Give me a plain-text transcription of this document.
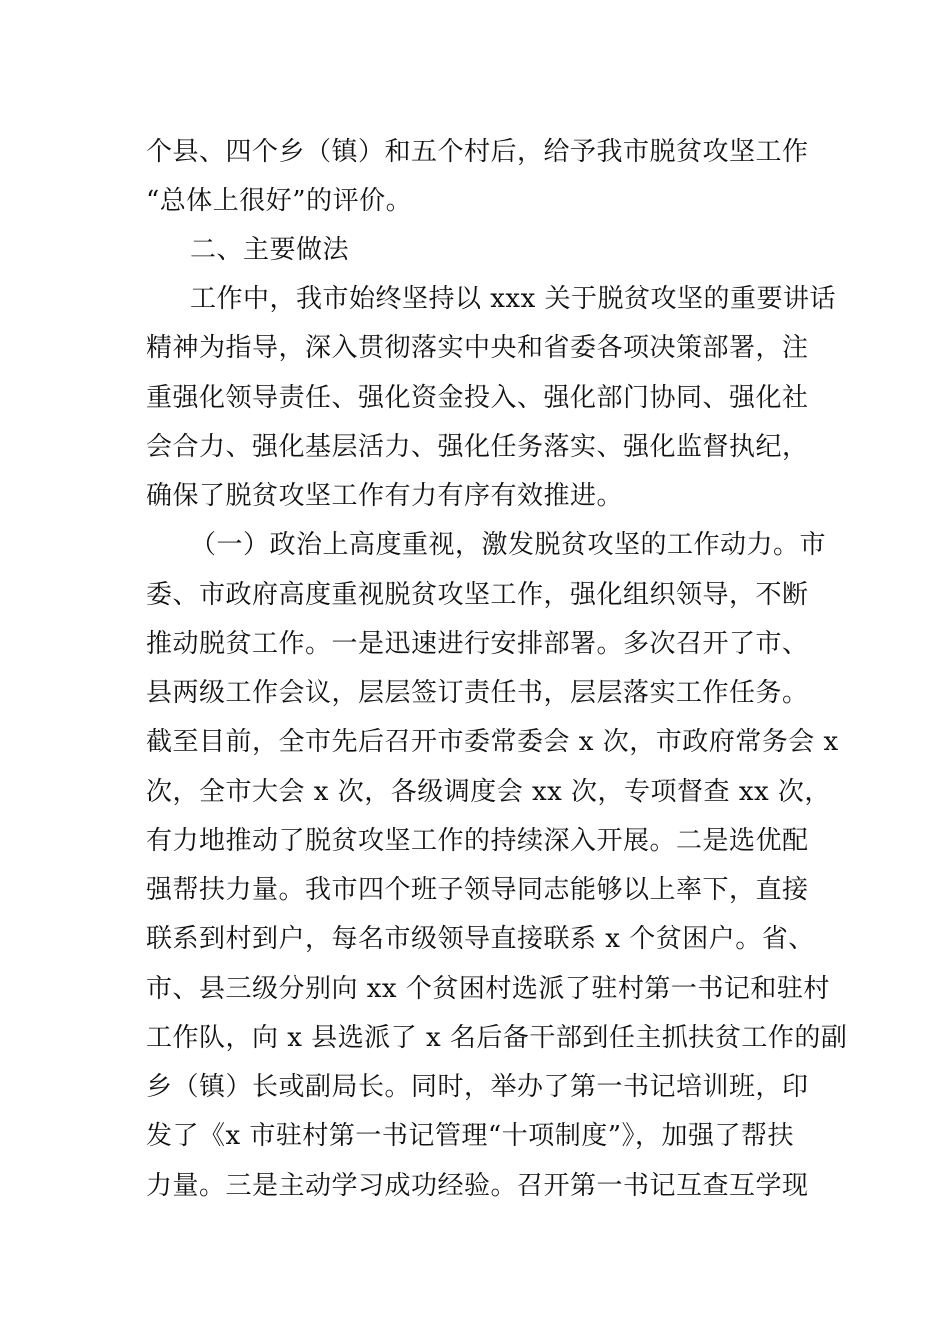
个县、四个乡（镇）和五个村后，给予我市脱贫攻坚工作
“总体上很好”的评价。
二、主要做法
工作中，我市始终坚持以 xxx 关于脱贫攻坚的重要讲话
精神为指导，深入贯彻落实中央和省委各项决策部署，注
重强化领导责任、强化资金投入、强化部门协同、强化社
会合力、强化基层活力、强化任务落实、强化监督执纪，
确保了脱贫攻坚工作有力有序有效推进。
（一）政治上高度重视，激发脱贫攻坚的工作动力。市
委、市政府高度重视脱贫攻坚工作，强化组织领导，不断
推动脱贫工作。一是迅速进行安排部署。多次召开了市、
县两级工作会议，层层签订责任书，层层落实工作任务。
截至目前，全市先后召开市委常委会 x 次，市政府常务会 x
次，全市大会 x 次，各级调度会 xx 次，专项督查 xx 次，
有力地推动了脱贫攻坚工作的持续深入开展。二是选优配
强帮扶力量。我市四个班子领导同志能够以上率下，直接
联系到村到户，每名市级领导直接联系 x 个贫困户。省、
市、县三级分别向 xx 个贫困村选派了驻村第一书记和驻村
工作队，向 x 县选派了 x 名后备干部到任主抓扶贫工作的副
乡（镇）长或副局长。同时，举办了第一书记培训班，印
发了《x 市驻村第一书记管理“十项制度”》，加强了帮扶
力量。三是主动学习成功经验。召开第一书记互查互学现
